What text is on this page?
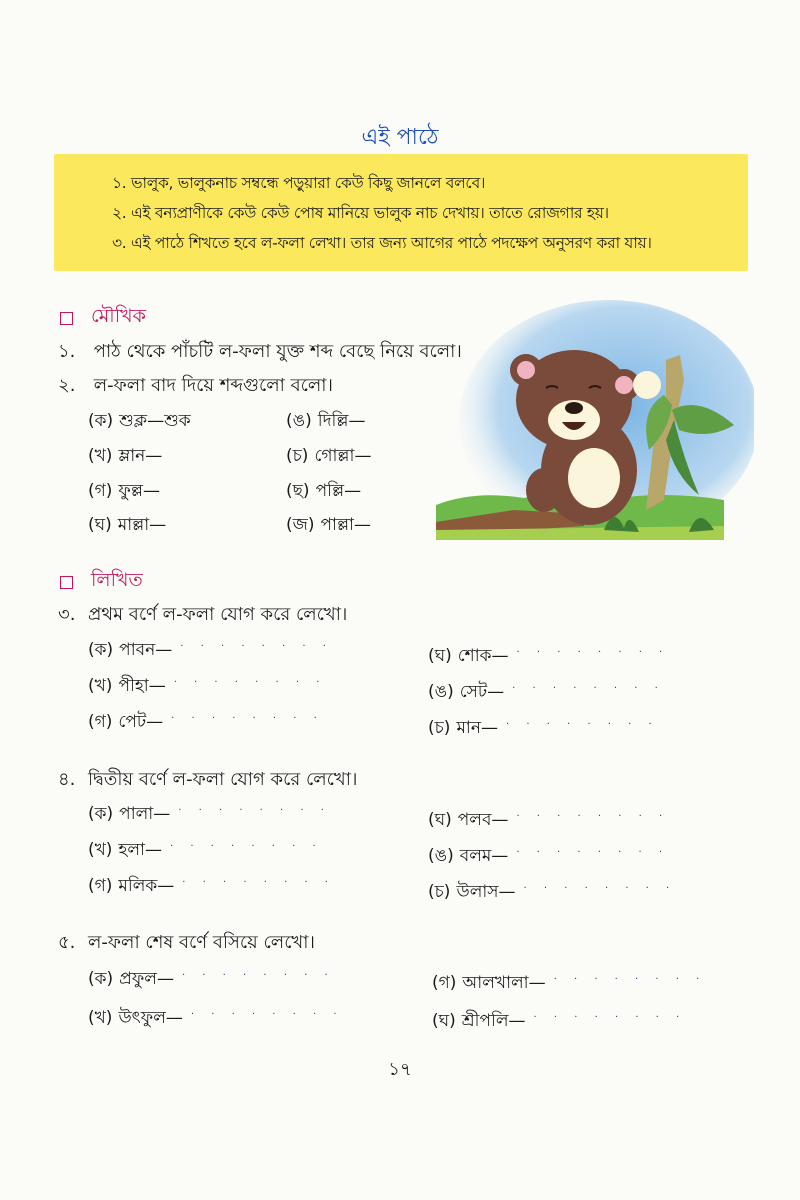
এই পাঠে
১. ভালুক, ভালুকনাচ সম্বন্ধে পড়ুয়ারা কেউ কিছু জানলে বলবে।
২. এই বন্যপ্রাণীকে কেউ কেউ পোষ মানিয়ে ভালুক নাচ দেখায়। তাতে রোজগার হয়।
৩. এই পাঠে শিখতে হবে ল-ফলা লেখা। তার জন্য আগের পাঠে পদক্ষেপ অনুসরণ করা যায়।
মৌখিক
১. পাঠ থেকে পাঁচটি ল-ফলা যুক্ত শব্দ বেছে নিয়ে বলো।
২. ল-ফলা বাদ দিয়ে শব্দগুলো বলো।
(ক) শুক্ল—শুক
(খ) ম্লান—
(গ) ফুল্ল—
(ঘ) মাল্লা—
(ঙ) দিল্লি—
(চ) গোল্লা—
(ছ) পল্লি—
(জ) পাল্লা—
লিখিত
৩. প্রথম বর্ণে ল-ফলা যোগ করে লেখো।
(ক) পাবন— · · · · · · · ·
(খ) পীহা— · · · · · · · ·
(গ) পেট— · · · · · · · ·
(ঘ) শোক— · · · · · · · ·
(ঙ) সেট— · · · · · · · ·
(চ) মান— · · · · · · · ·
৪. দ্বিতীয় বর্ণে ল-ফলা যোগ করে লেখো।
(ক) পালা— · · · · · · · ·
(খ) হলা— · · · · · · · ·
(গ) মলিক— · · · · · · · ·
(ঘ) পলব— · · · · · · · ·
(ঙ) বলম— · · · · · · · ·
(চ) উলাস— · · · · · · · ·
৫. ল-ফলা শেষ বর্ণে বসিয়ে লেখো।
(ক) প্রফুল— · · · · · · · ·
(খ) উৎফুল— · · · · · · · ·
(গ) আলখালা— · · · · · · · ·
(ঘ) শ্রীপলি— · · · · · · · ·
১৭
